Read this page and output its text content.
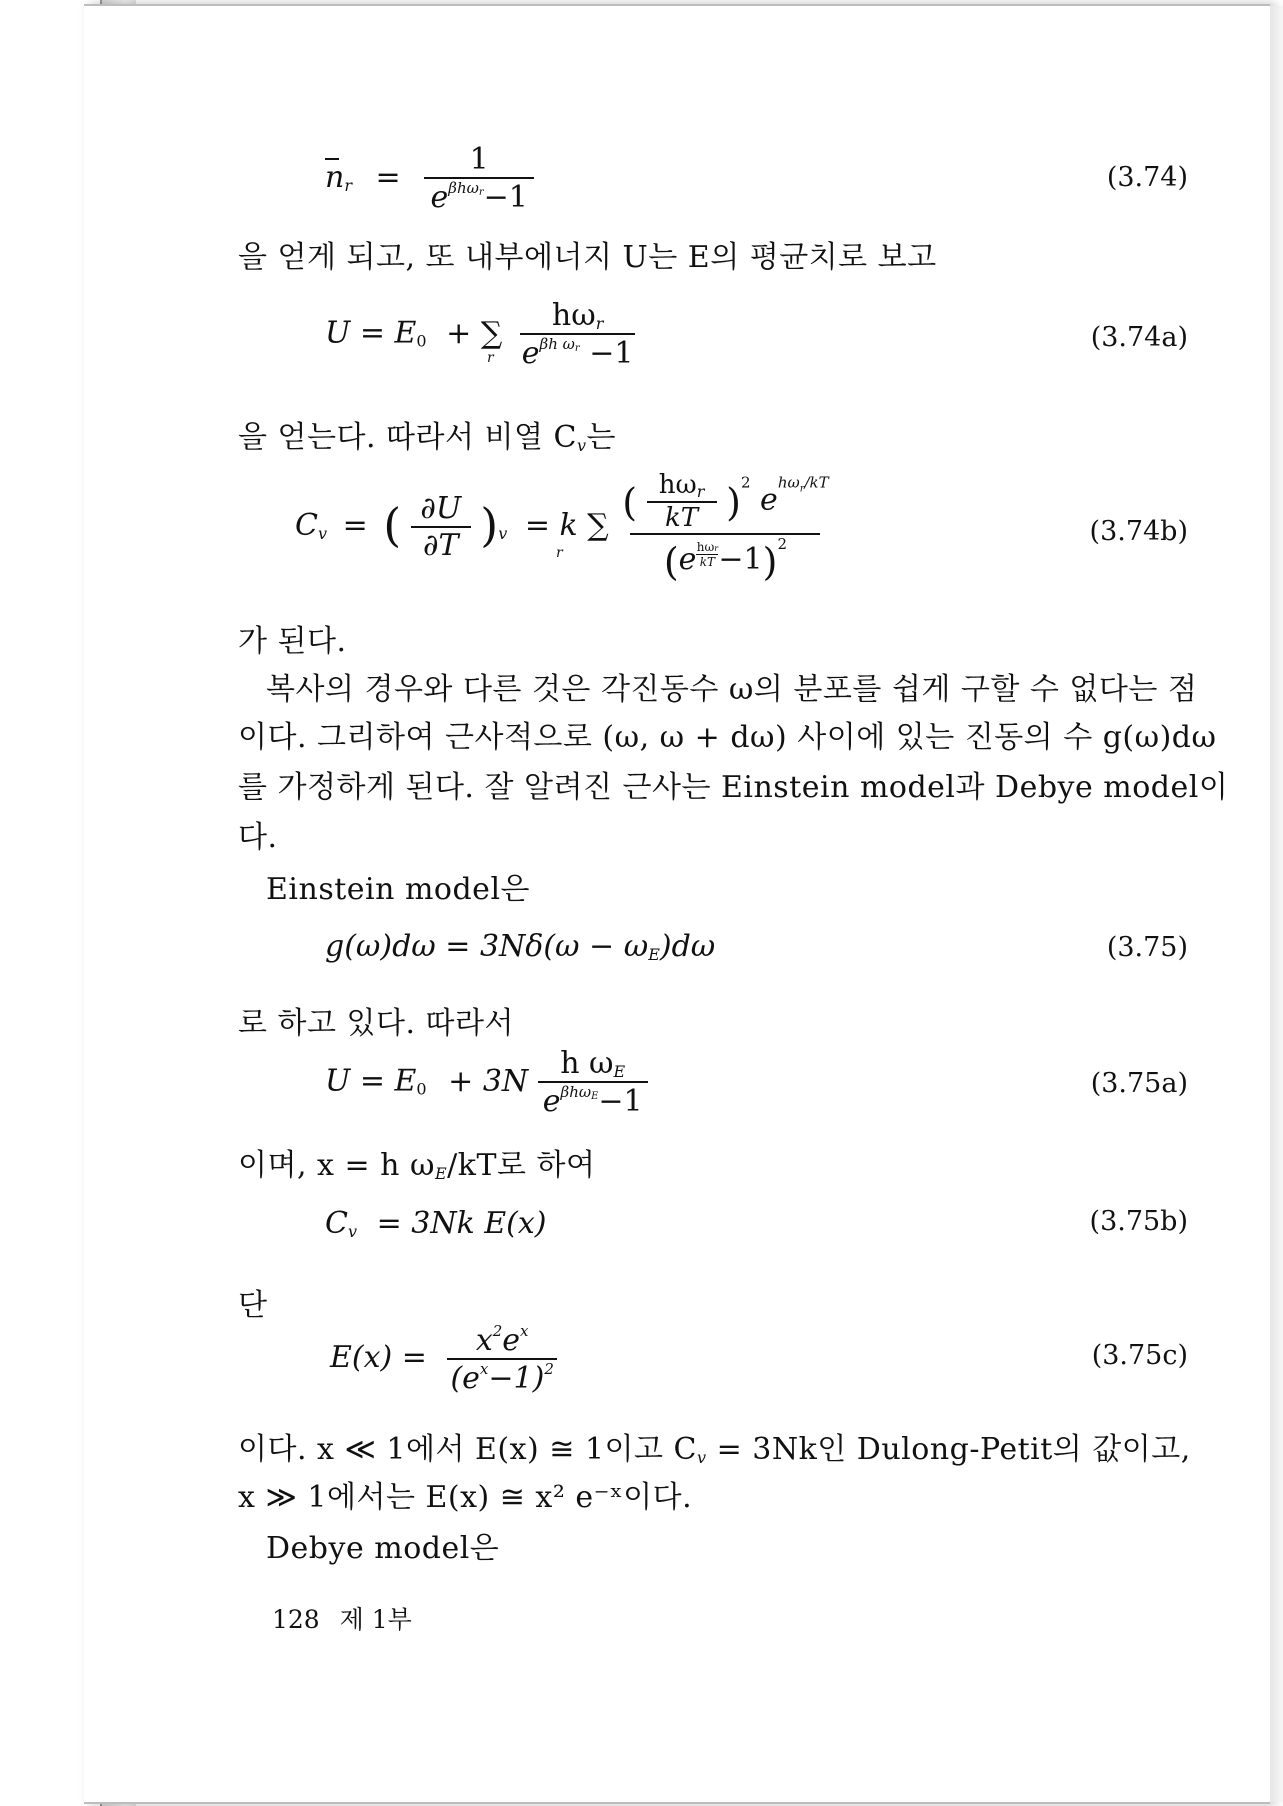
$n_r = \frac{1}{e^{\beta h\omega r}-1}$	(3.74)
을 얻게 되고, 또 내부에너지 U는 E의 평균치로 보고
$U = E_0$ + ∑ $\frac{h\omega_r}{e^{\beta h \omega r} -1}$	(3.74a)
r
을 얻는다. 따라서 비열 $C_v$는
$C_v$ = ( $\frac{\partial U}{\partial T} )_v = k$ ∑
( $\frac{h\omega_r}{kT} )^2$ $e^{h\omega r/kT}$
(e hωr
kT −1)$^2$	(3.74b)
r
가 된다.
복사의 경우와 다른 것은 각진동수 ω의 분포를 쉽게 구할 수 없다는 점
이다. 그리하여 근사적으로 (ω, ω + dω) 사이에 있는 진동의 수 g(ω)dω
를 가정하게 된다. 잘 알려진 근사는 Einstein model과 Debye model이
다.
Einstein model은
$g(\omega)d\omega = 3N\delta(\omega - \omega_E)d\omega$	(3.75)
로 하고 있다. 따라서
$U = E_0 + 3N \frac{h \omega_E}{e^{\beta h\omega E}-1}$	(3.75a)
이며, x = h $\omega_E/kT$로 하여
$C_v = 3Nk$ E(x)	(3.75b)
단
$E(x) = \frac{x^2e^x}{(e^x-1)^2}$	(3.75c)
이다. x ≪ 1에서 E(x) ≅ 1이고 $C_v = 3Nk$인 Dulong-Petit의 값이고,
x ≫ 1에서는 E(x) ≅ x² e⁻ˣ이다.
Debye model은
128 제 1부
